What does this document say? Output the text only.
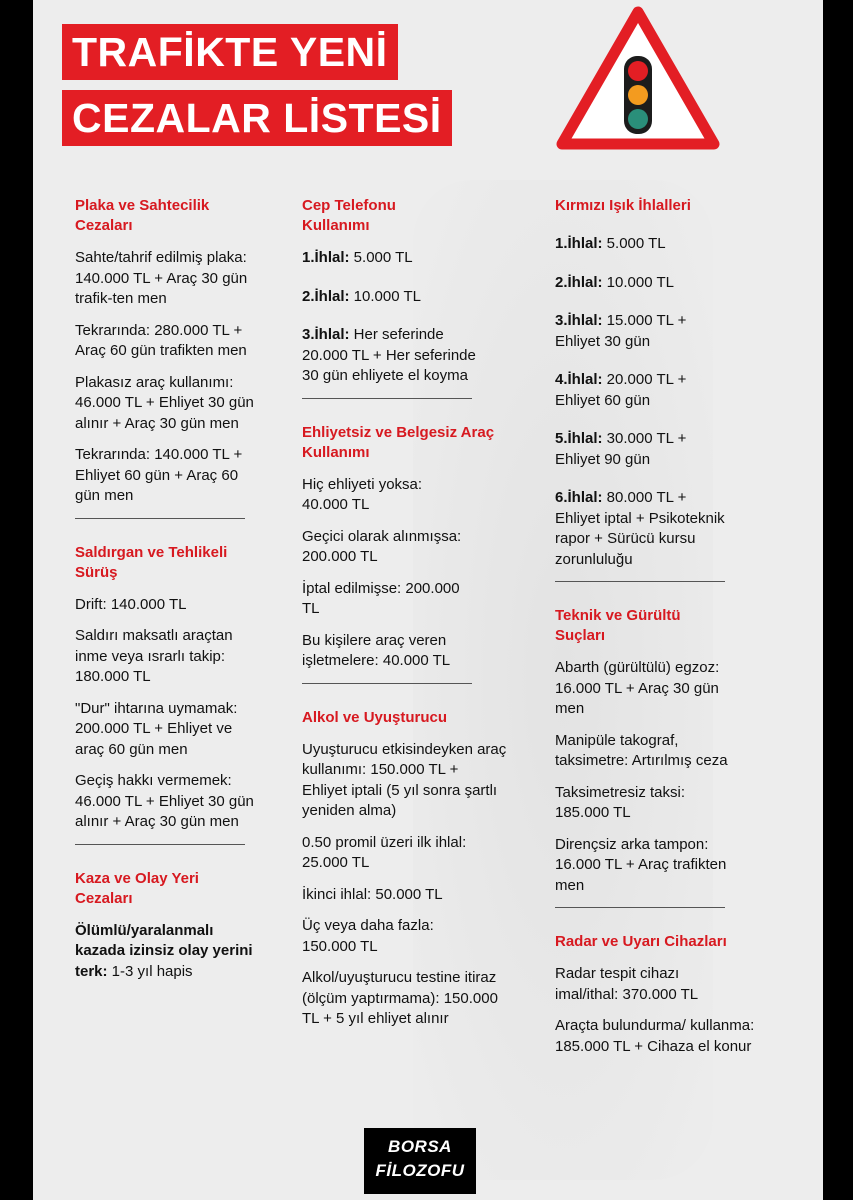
TRAFİKTE YENİ
CEZALAR LİSTESİ
Plaka ve Sahtecilik Cezaları
Sahte/tahrif edilmiş plaka: 140.000 TL + Araç 30 gün trafik-ten men
Tekrarında: 280.000 TL + Araç 60 gün trafikten men
Plakasız araç kullanımı: 46.000 TL + Ehliyet 30 gün alınır + Araç 30 gün men
Tekrarında: 140.000 TL + Ehliyet 60 gün + Araç 60 gün men
Saldırgan ve Tehlikeli Sürüş
Drift: 140.000 TL
Saldırı maksatlı araçtan inme veya ısrarlı takip: 180.000 TL
"Dur" ihtarına uymamak: 200.000 TL + Ehliyet ve araç 60 gün men
Geçiş hakkı vermemek: 46.000 TL + Ehliyet 30 gün alınır + Araç 30 gün men
Kaza ve Olay Yeri Cezaları
Ölümlü/yaralanmalı kazada izinsiz olay yerini terk: 1-3 yıl hapis
Cep Telefonu Kullanımı
1.İhlal: 5.000 TL
2.İhlal: 10.000 TL
3.İhlal: Her seferinde 20.000 TL + Her seferinde 30 gün ehliyete el koyma
Ehliyetsiz ve Belgesiz Araç Kullanımı
Hiç ehliyeti yoksa: 40.000 TL
Geçici olarak alınmışsa: 200.000 TL
İptal edilmişse: 200.000 TL
Bu kişilere araç veren işletmelere: 40.000 TL
Alkol ve Uyuşturucu
Uyuşturucu etkisindeyken araç kullanımı: 150.000 TL + Ehliyet iptali (5 yıl sonra şartlı yeniden alma)
0.50 promil üzeri ilk ihlal: 25.000 TL
İkinci ihlal: 50.000 TL
Üç veya daha fazla: 150.000 TL
Alkol/uyuşturucu testine itiraz (ölçüm yaptırmama): 150.000 TL + 5 yıl ehliyet alınır
Kırmızı Işık İhlalleri
1.İhlal: 5.000 TL
2.İhlal: 10.000 TL
3.İhlal: 15.000 TL + Ehliyet 30 gün
4.İhlal: 20.000 TL + Ehliyet 60 gün
5.İhlal: 30.000 TL + Ehliyet 90 gün
6.İhlal: 80.000 TL + Ehliyet iptal + Psikoteknik rapor + Sürücü kursu zorunluluğu
Teknik ve Gürültü Suçları
Abarth (gürültülü) egzoz: 16.000 TL + Araç 30 gün men
Manipüle takograf, taksimetre: Artırılmış ceza
Taksimetresiz taksi: 185.000 TL
Dirençsiz arka tampon: 16.000 TL + Araç trafikten men
Radar ve Uyarı Cihazları
Radar tespit cihazı imal/ithal: 370.000 TL
Araçta bulundurma/ kullanma: 185.000 TL + Cihaza el konur
BORSA
FİLOZOFU
